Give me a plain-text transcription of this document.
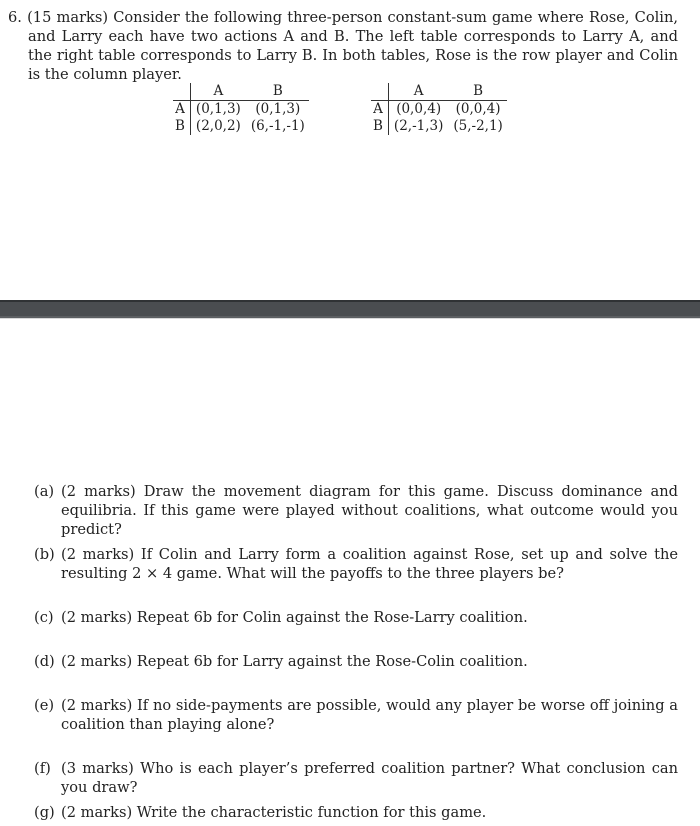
6. (15 marks) Consider the following three-person constant-sum game where Rose, Colin, and Larry each have two actions A and B. The left table corresponds to Larry A, and the right table corresponds to Larry B. In both tables, Rose is the row player and Colin is the column player.
	A	B
A	(0,1,3)	(0,1,3)
B	(2,0,2)	(6,-1,-1)
	A	B
A	(0,0,4)	(0,0,4)
B	(2,-1,3)	(5,-2,1)
(a) (2 marks) Draw the movement diagram for this game. Discuss dominance and equilibria. If this game were played without coalitions, what outcome would you predict?
(b) (2 marks) If Colin and Larry form a coalition against Rose, set up and solve the resulting 2 × 4 game. What will the payoffs to the three players be?
(c) (2 marks) Repeat 6b for Colin against the Rose-Larry coalition.
(d) (2 marks) Repeat 6b for Larry against the Rose-Colin coalition.
(e) (2 marks) If no side-payments are possible, would any player be worse off joining a coalition than playing alone?
(f) (3 marks) Who is each player’s preferred coalition partner? What conclusion can you draw?
(g) (2 marks) Write the characteristic function for this game.
